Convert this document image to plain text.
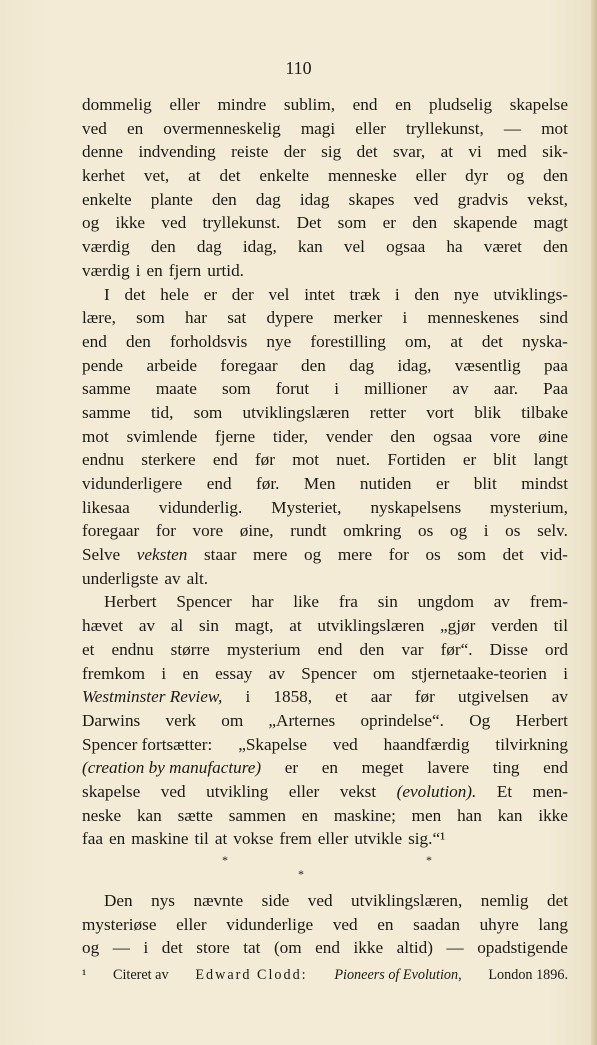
110
dommelig eller mindre sublim, end en pludselig skapelse
ved en overmenneskelig magi eller tryllekunst, — mot
denne indvending reiste der sig det svar, at vi med sik-
kerhet vet, at det enkelte menneske eller dyr og den
enkelte plante den dag idag skapes ved gradvis vekst,
og ikke ved tryllekunst. Det som er den skapende magt
værdig den dag idag, kan vel ogsaa ha været den
værdig i en fjern urtid.
I det hele er der vel intet træk i den nye utviklings-
lære, som har sat dypere merker i menneskenes sind
end den forholdsvis nye forestilling om, at det nyska-
pende arbeide foregaar den dag idag, væsentlig paa
samme maate som forut i millioner av aar. Paa
samme tid, som utviklingslæren retter vort blik tilbake
mot svimlende fjerne tider, vender den ogsaa vore øine
endnu sterkere end før mot nuet. Fortiden er blit langt
vidunderligere end før. Men nutiden er blit mindst
likesaa vidunderlig. Mysteriet, nyskapelsens mysterium,
foregaar for vore øine, rundt omkring os og i os selv.
Selve veksten staar mere og mere for os som det vid-
underligste av alt.
Herbert Spencer har like fra sin ungdom av frem-
hævet av al sin magt, at utviklingslæren „gjør verden til
et endnu større mysterium end den var før“. Disse ord
fremkom i en essay av Spencer om stjernetaake-teorien i
Westminster Review, i 1858, et aar før utgivelsen av
Darwins verk om „Arternes oprindelse“. Og Herbert
Spencer fortsætter: „Skapelse ved haandfærdig tilvirkning
(creation by manufacture) er en meget lavere ting end
skapelse ved utvikling eller vekst (evolution). Et men-
neske kan sætte sammen en maskine; men han kan ikke
faa en maskine til at vokse frem eller utvikle sig.“¹
*
*
*
Den nys nævnte side ved utviklingslæren, nemlig det
mysteriøse eller vidunderlige ved en saadan uhyre lang
og — i det store tat (om end ikke altid) — opadstigende
¹ Citeret av Edward Clodd: Pioneers of Evolution, London 1896.
